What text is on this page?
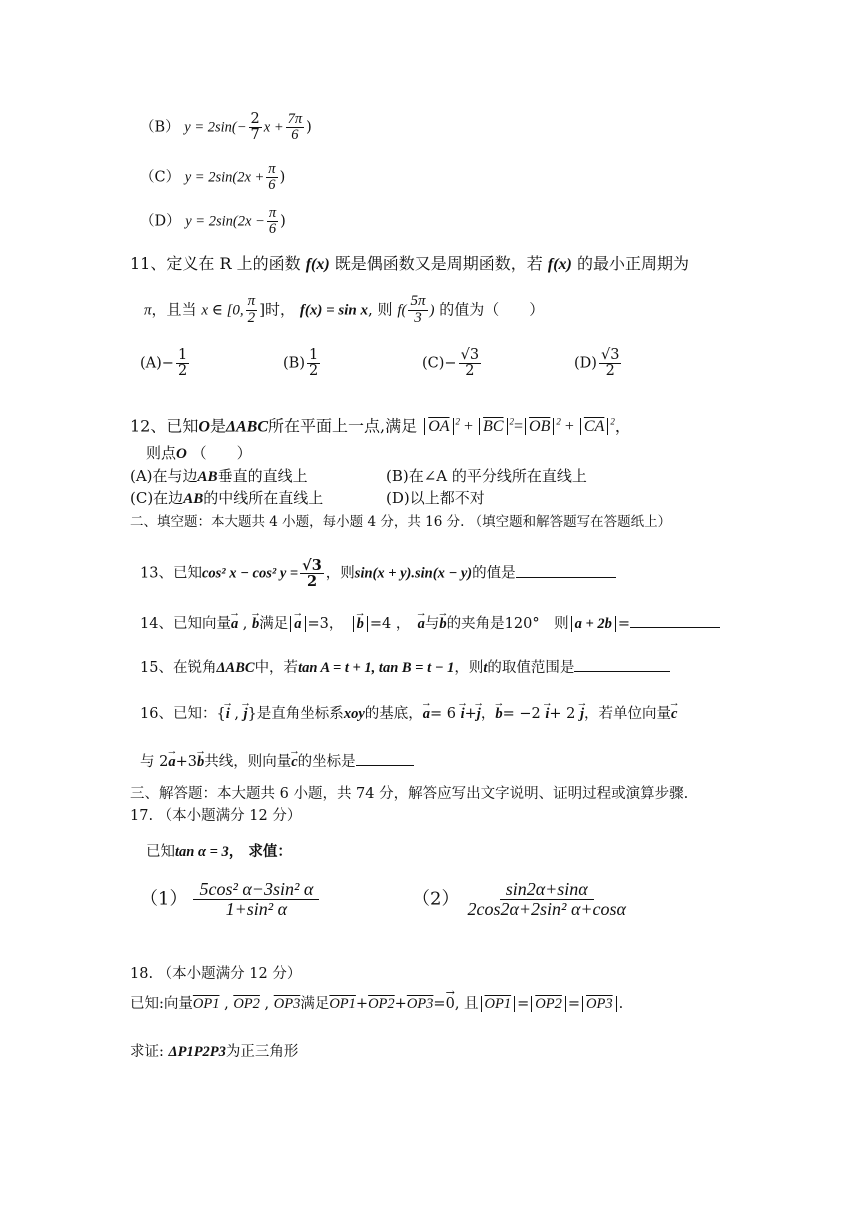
（B） $y = 2\sin(- \frac{2}{7}$ $x + \frac{7\pi}{6}$ )
（C） $y = 2\sin(2x + \frac{\pi}{6}$ )
（D） $y = 2\sin(2x - \frac{\pi}{6}$ )
11、定义在 R 上的函数 f(x) 既是偶函数又是周期函数，若 f(x) 的最小正周期为
π，且当 x ∈ [0, $\frac{\pi}{2}$ ]时， f(x) = sin x, 则 $f( \frac{5\pi}{3}$ ) 的值为（　　）
$(A)- \frac{1}{2}$	$(B) \frac{1}{2}$	$(C)- \frac{√3}{2}$	$(D) \frac{√3}{2}$
12、已知O是ΔABC所在平面上一点,满足 $\overline{OA}$ $^2 + \overline{BC}$ $^2= \overline{OB}$ $^2 + \overline{CA}$ $^2$，
则点O （　　）
(A)在与边AB垂直的直线上	(B)在∠A 的平分线所在直线上
(C)在边AB的中线所在直线上	(D)以上都不对
二、填空题：本大题共 4 小题，每小题 4 分，共 16 分. （填空题和解答题写在答题纸上）
13、已知cos² x − cos² $y = \frac{√3}{2}$ ，则sin(x + y).sin(x − y)的值是
14、已知向量→ a , → b满足 → a =3，　 → b =4 ，　 → a与→ b的夹角是120°　则 a + 2b =
15、在锐角ΔABC中，若tan A = t + 1, tan B = t − 1，则t的取值范围是
16、已知：{→ i , → j}是直角坐标系xoy的基底，→ a= 6 → i+→ j，→ b= −2 → i+ 2 → j，若单位向量→ c
与 2→ a+3→ b共线，则向量→ c的坐标是
三、解答题：本大题共 6 小题，共 74 分，解答应写出文字说明、证明过程或演算步骤.
17. （本小题满分 12 分）
已知tan α = 3， 求值：
$(1) \frac{\text{5cos² α−3sin² α}}{\text{1+sin² α}}$	$(2) \frac{\sin 2\alpha+\sin\alpha}{\text{2cos2α+2sin² α+cosα}}$
18. （本小题满分 12 分）
已知:向量OP1 , OP2 , OP3满足OP1+OP2+OP3=→ 0, 且 OP1 = OP2 = OP3 .
求证: ΔP1P2P3为正三角形
